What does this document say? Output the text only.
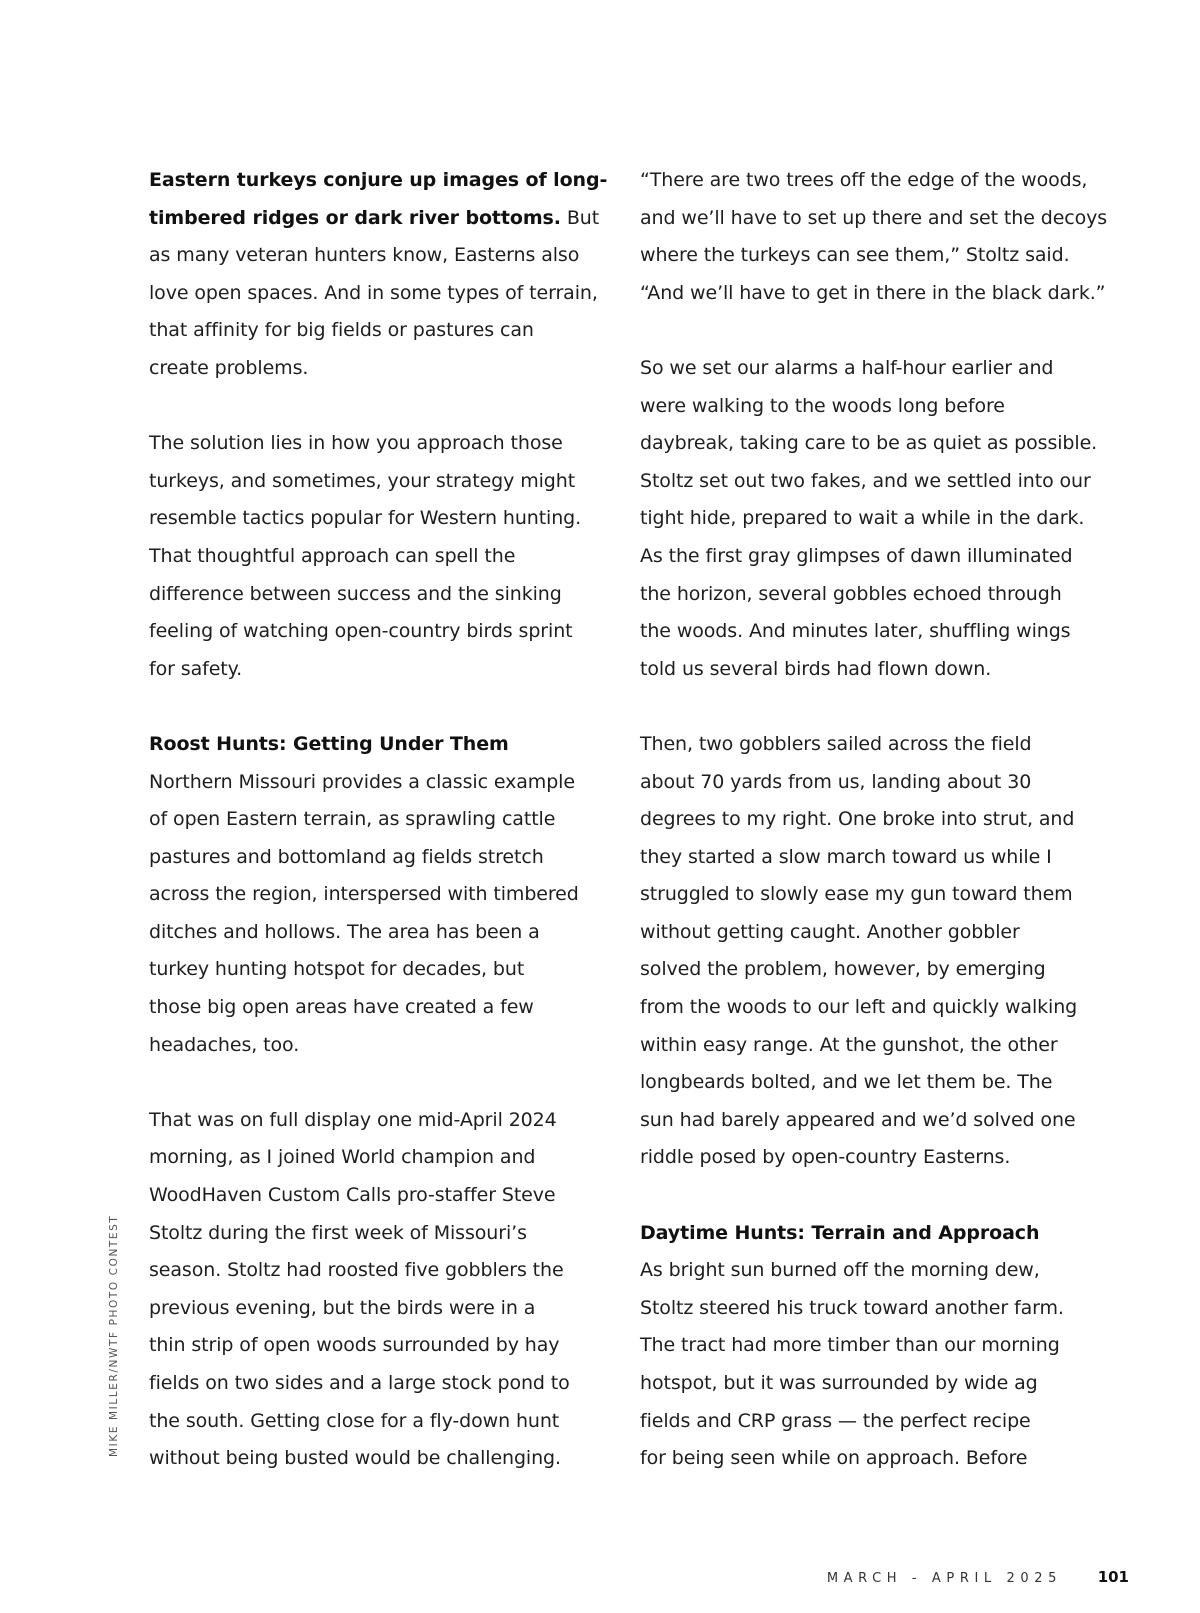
Eastern turkeys conjure up images of long-
timbered ridges or dark river bottoms. But
as many veteran hunters know, Easterns also
love open spaces. And in some types of terrain,
that affinity for big fields or pastures can
create problems.

The solution lies in how you approach those
turkeys, and sometimes, your strategy might
resemble tactics popular for Western hunting.
That thoughtful approach can spell the
difference between success and the sinking
feeling of watching open-country birds sprint
for safety.

Roost Hunts: Getting Under Them
Northern Missouri provides a classic example
of open Eastern terrain, as sprawling cattle
pastures and bottomland ag fields stretch
across the region, interspersed with timbered
ditches and hollows. The area has been a
turkey hunting hotspot for decades, but
those big open areas have created a few
headaches, too.

That was on full display one mid-April 2024
morning, as I joined World champion and
WoodHaven Custom Calls pro-staffer Steve
Stoltz during the first week of Missouri’s
season. Stoltz had roosted five gobblers the
previous evening, but the birds were in a
thin strip of open woods surrounded by hay
fields on two sides and a large stock pond to
the south. Getting close for a fly-down hunt
without being busted would be challenging.

“There are two trees off the edge of the woods,
and we’ll have to set up there and set the decoys
where the turkeys can see them,” Stoltz said.
“And we’ll have to get in there in the black dark.”

So we set our alarms a half-hour earlier and
were walking to the woods long before
daybreak, taking care to be as quiet as possible.
Stoltz set out two fakes, and we settled into our
tight hide, prepared to wait a while in the dark.
As the first gray glimpses of dawn illuminated
the horizon, several gobbles echoed through
the woods. And minutes later, shuffling wings
told us several birds had flown down.

Then, two gobblers sailed across the field
about 70 yards from us, landing about 30
degrees to my right. One broke into strut, and
they started a slow march toward us while I
struggled to slowly ease my gun toward them
without getting caught. Another gobbler
solved the problem, however, by emerging
from the woods to our left and quickly walking
within easy range. At the gunshot, the other
longbeards bolted, and we let them be. The
sun had barely appeared and we’d solved one
riddle posed by open-country Easterns.

Daytime Hunts: Terrain and Approach
As bright sun burned off the morning dew,
Stoltz steered his truck toward another farm.
The tract had more timber than our morning
hotspot, but it was surrounded by wide ag
fields and CRP grass — the perfect recipe
for being seen while on approach. Before

MIKE MILLER/NWTF PHOTO CONTEST
MARCH - APRIL 2025 101
